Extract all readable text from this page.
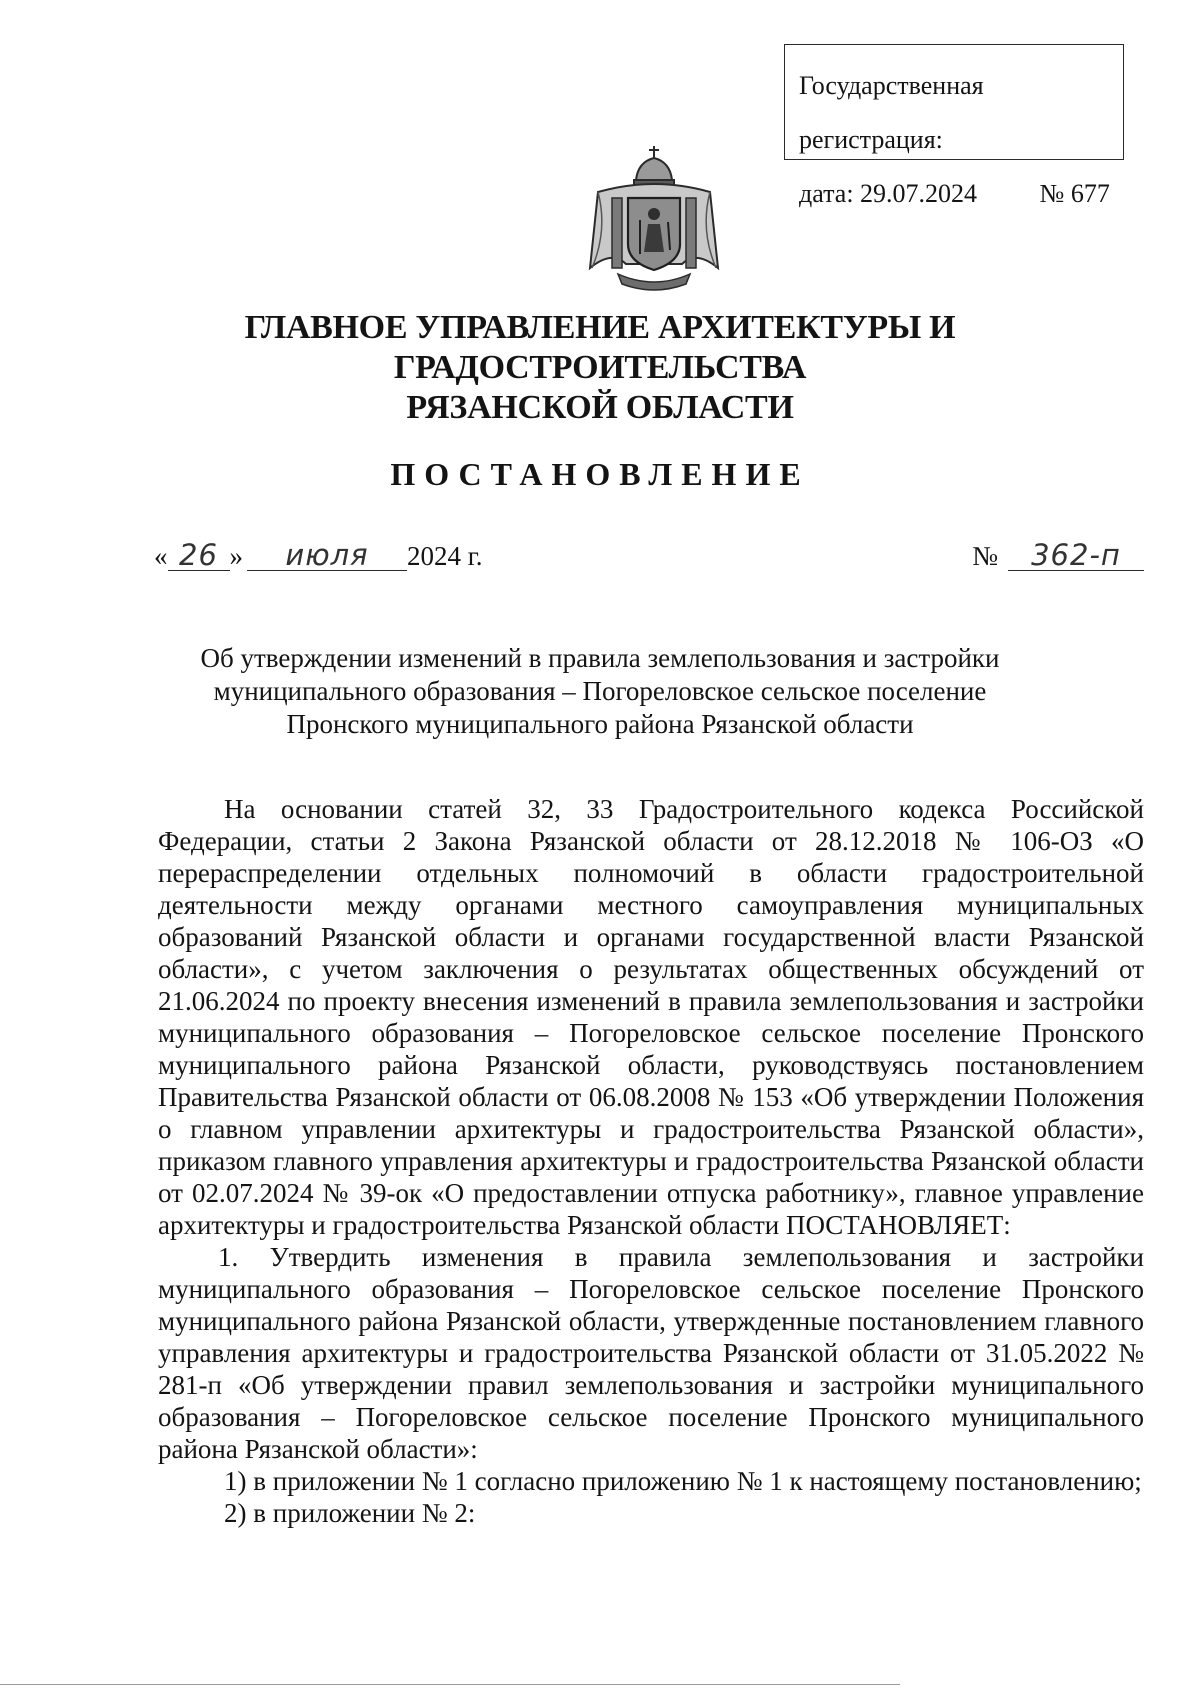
Государственная регистрация:
дата: 29.07.2024 № 677
ГЛАВНОЕ УПРАВЛЕНИЕ АРХИТЕКТУРЫ И ГРАДОСТРОИТЕЛЬСТВА
РЯЗАНСКОЙ ОБЛАСТИ
ПОСТАНОВЛЕНИЕ
« 26 » июля 2024 г.	№ 362-п
Об утверждении изменений в правила землепользования и застройки
муниципального образования – Погореловское сельское поселение
Пронского муниципального района Рязанской области

На основании статей 32, 33 Градостроительного кодекса Российской Федерации, статьи 2 Закона Рязанской области от 28.12.2018 № 106-ОЗ «О перераспределении отдельных полномочий в области градостроительной деятельности между органами местного самоуправления муниципальных образований Рязанской области и органами государственной власти Рязанской области», с учетом заключения о результатах общественных обсуждений от 21.06.2024 по проекту внесения изменений в правила землепользования и застройки муниципального образования – Погореловское сельское поселение Пронского муниципального района Рязанской области, руководствуясь постановлением Правительства Рязанской области от 06.08.2008 № 153 «Об утверждении Положения о главном управлении архитектуры и градостроительства Рязанской области», приказом главного управления архитектуры и градостроительства Рязанской области от 02.07.2024 № 39-ок «О предоставлении отпуска работнику», главное управление архитектуры и градостроительства Рязанской области ПОСТАНОВЛЯЕТ:

1. Утвердить изменения в правила землепользования и застройки муниципального образования – Погореловское сельское поселение Пронского муниципального района Рязанской области, утвержденные постановлением главного управления архитектуры и градостроительства Рязанской области от 31.05.2022 № 281-п «Об утверждении правил землепользования и застройки муниципального образования – Погореловское сельское поселение Пронского муниципального района Рязанской области»:

1) в приложении № 1 согласно приложению № 1 к настоящему постановлению;

2) в приложении № 2:
